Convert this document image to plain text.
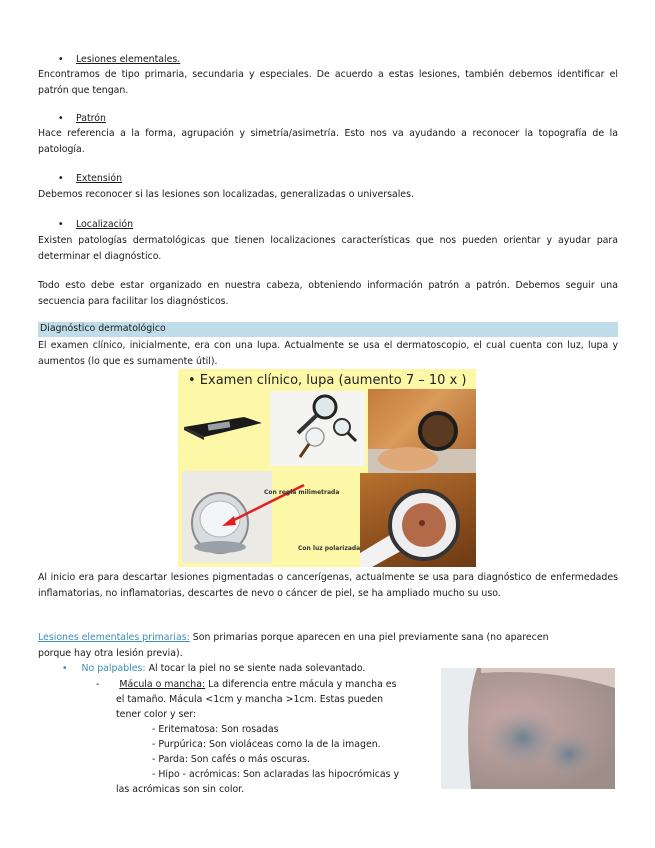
• Lesiones elementales.
Encontramos de tipo primaria, secundaria y especiales. De acuerdo a estas lesiones, también debemos identificar el patrón que tengan.
• Patrón
Hace referencia a la forma, agrupación y simetría/asimetría. Esto nos va ayudando a reconocer la topografía de la patología.
• Extensión
Debemos reconocer si las lesiones son localizadas, generalizadas o universales.
• Localización
Existen patologías dermatológicas que tienen localizaciones características que nos pueden orientar y ayudar para determinar el diagnóstico.
Todo esto debe estar organizado en nuestra cabeza, obteniendo información patrón a patrón. Debemos seguir una secuencia para facilitar los diagnósticos.
Diagnóstico dermatológico
El examen clínico, inicialmente, era con una lupa. Actualmente se usa el dermatoscopio, el cual cuenta con luz, lupa y aumentos (lo que es sumamente útil).
• Examen clínico, lupa (aumento 7 – 10 x )
Con regla milimetrada
Con luz polarizada
Al inicio era para descartar lesiones pigmentadas o cancerígenas, actualmente se usa para diagnóstico de enfermedades inflamatorias, no inflamatorias, descartes de nevo o cáncer de piel, se ha ampliado mucho su uso.
Lesiones elementales primarias: Son primarias porque aparecen en una piel previamente sana (no aparecen
porque hay otra lesión previa).
• No palpables: Al tocar la piel no se siente nada solevantado.
- Mácula o mancha: La diferencia entre mácula y mancha es
el tamaño. Mácula <1cm y mancha >1cm. Estas pueden
tener color y ser:
- Eritematosa: Son rosadas
- Purpúrica: Son violáceas como la de la imagen.
- Parda: Son cafés o más oscuras.
- Hipo - acrómicas: Son aclaradas las hipocrómicas y
las acrómicas son sin color.
